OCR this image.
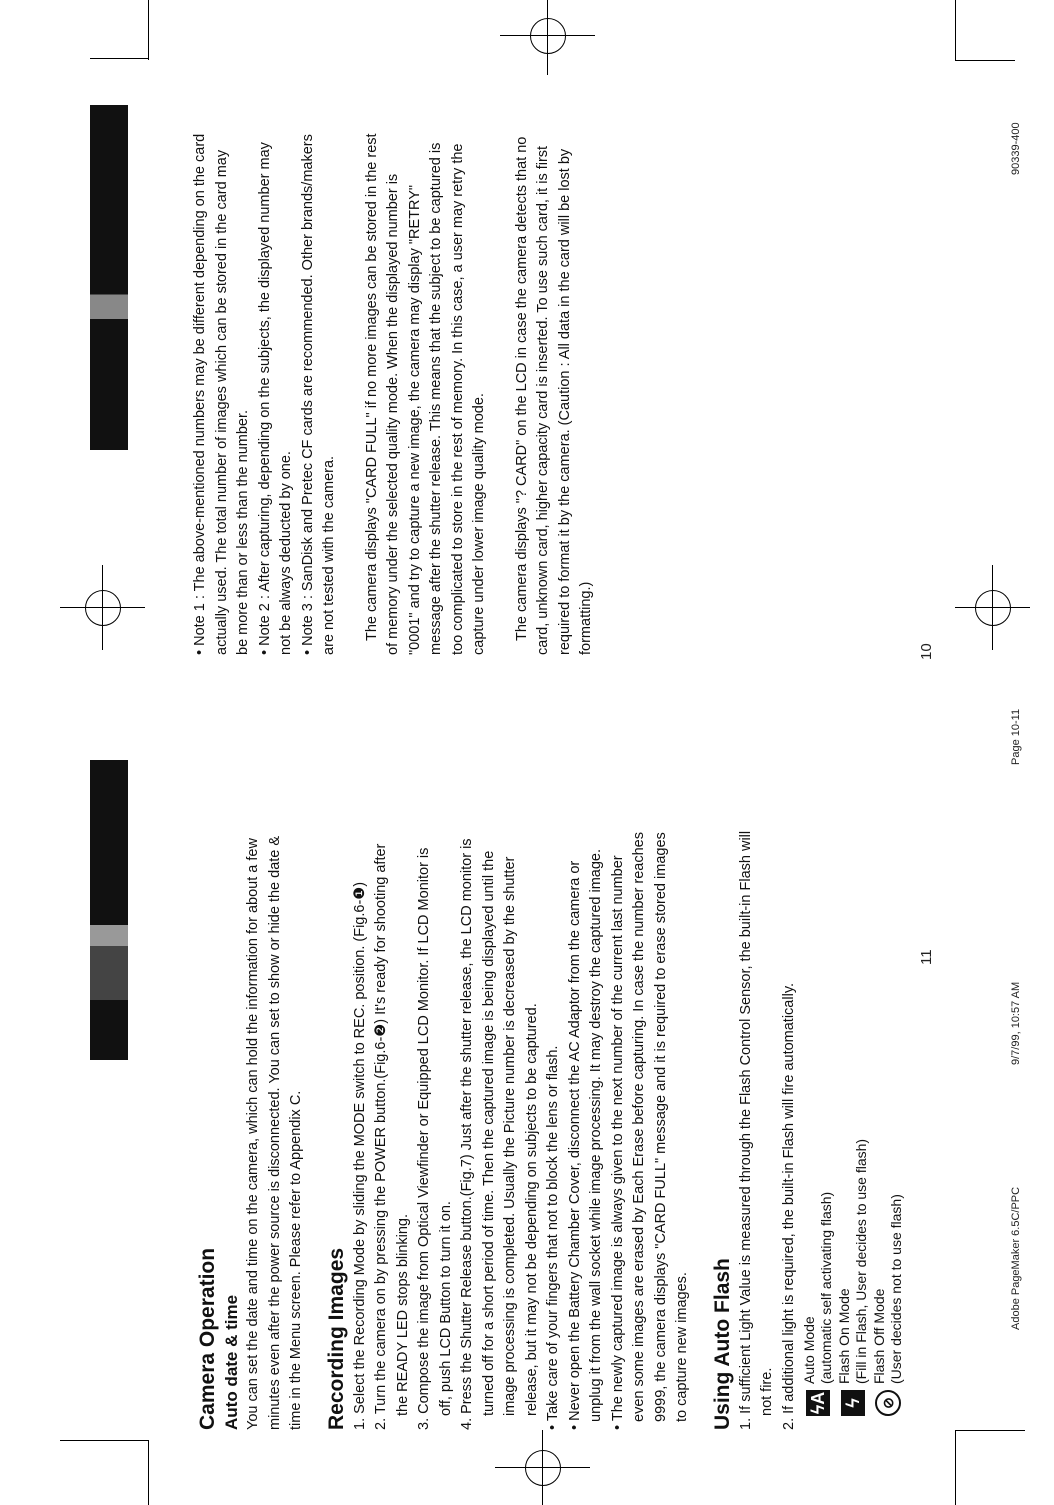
• Note 1 : The above-mentioned numbers may be different depending on the card actually used. The total number of images which can be stored in the card may be more than or less than the number. • Note 2 : After capturing, depending on the subjects, the displayed number may not be always deducted by one. • Note 3 : SanDisk and Pretec CF cards are recommended. Other brands/makers are not tested with the camera. The camera displays "CARD FULL" if no more images can be stored in the rest of memory under the selected quality mode. When the displayed number is "0001" and try to capture a new image, the camera may display "RETRY" message after the shutter release. This means that the subject to be captured is too complicated to store in the rest of memory. In this case, a user may retry the capture under lower image quality mode. The camera displays "? CARD" on the LCD in case the camera detects that no card, unknown card, higher capacity card is inserted. To use such card, it is first required to format it by the camera. (Caution : All data in the card will be lost by formatting.)
Camera Operation Auto date & time You can set the date and time on the camera, which can hold the information for about a few minutes even after the power source is disconnected. You can set to show or hide the date & time in the Menu screen. Please refer to Appendix C. Recording Images 1. Select the Recording Mode by sliding the MODE switch to REC. position. (Fig.6-❶) 2. Turn the camera on by pressing the POWER button.(Fig.6-❷) It's ready for shooting after the READY LED stops blinking. 3. Compose the image from Optical Viewfinder or Equipped LCD Monitor. If LCD Monitor is off, push LCD Button to turn it on. 4. Press the Shutter Release button.(Fig.7) Just after the shutter release, the LCD monitor is turned off for a short period of time. Then the captured image is being displayed until the image processing is completed. Usually the Picture number is decreased by the shutter release, but it may not be depending on subjects to be captured. • Take care of your fingers that not to block the lens or flash. • Never open the Battery Chamber Cover, disconnect the AC Adaptor from the camera or unplug it from the wall socket while image processing. It may destroy the captured image. • The newly captured image is always given to the next number of the current last number even some images are erased by Each Erase before capturing. In case the number reaches 9999, the camera displays "CARD FULL" message and it is required to erase stored images to capture new images. Using Auto Flash 1. If sufficient Light Value is measured through the Flash Control Sensor, the built-in Flash will not fire. 2. If additional light is required, the built-in Flash will fire automatically. ϟA
Auto Mode (automatic self activating flash)
ϟ
Flash On Mode (Fill in Flash, User decides to use flash)
⊘
Flash Off Mode (User decides not to use flash)
10
11
90339-400
Page 10-11
9/7/99, 10:57 AM
Adobe PageMaker 6.5C/PPC
